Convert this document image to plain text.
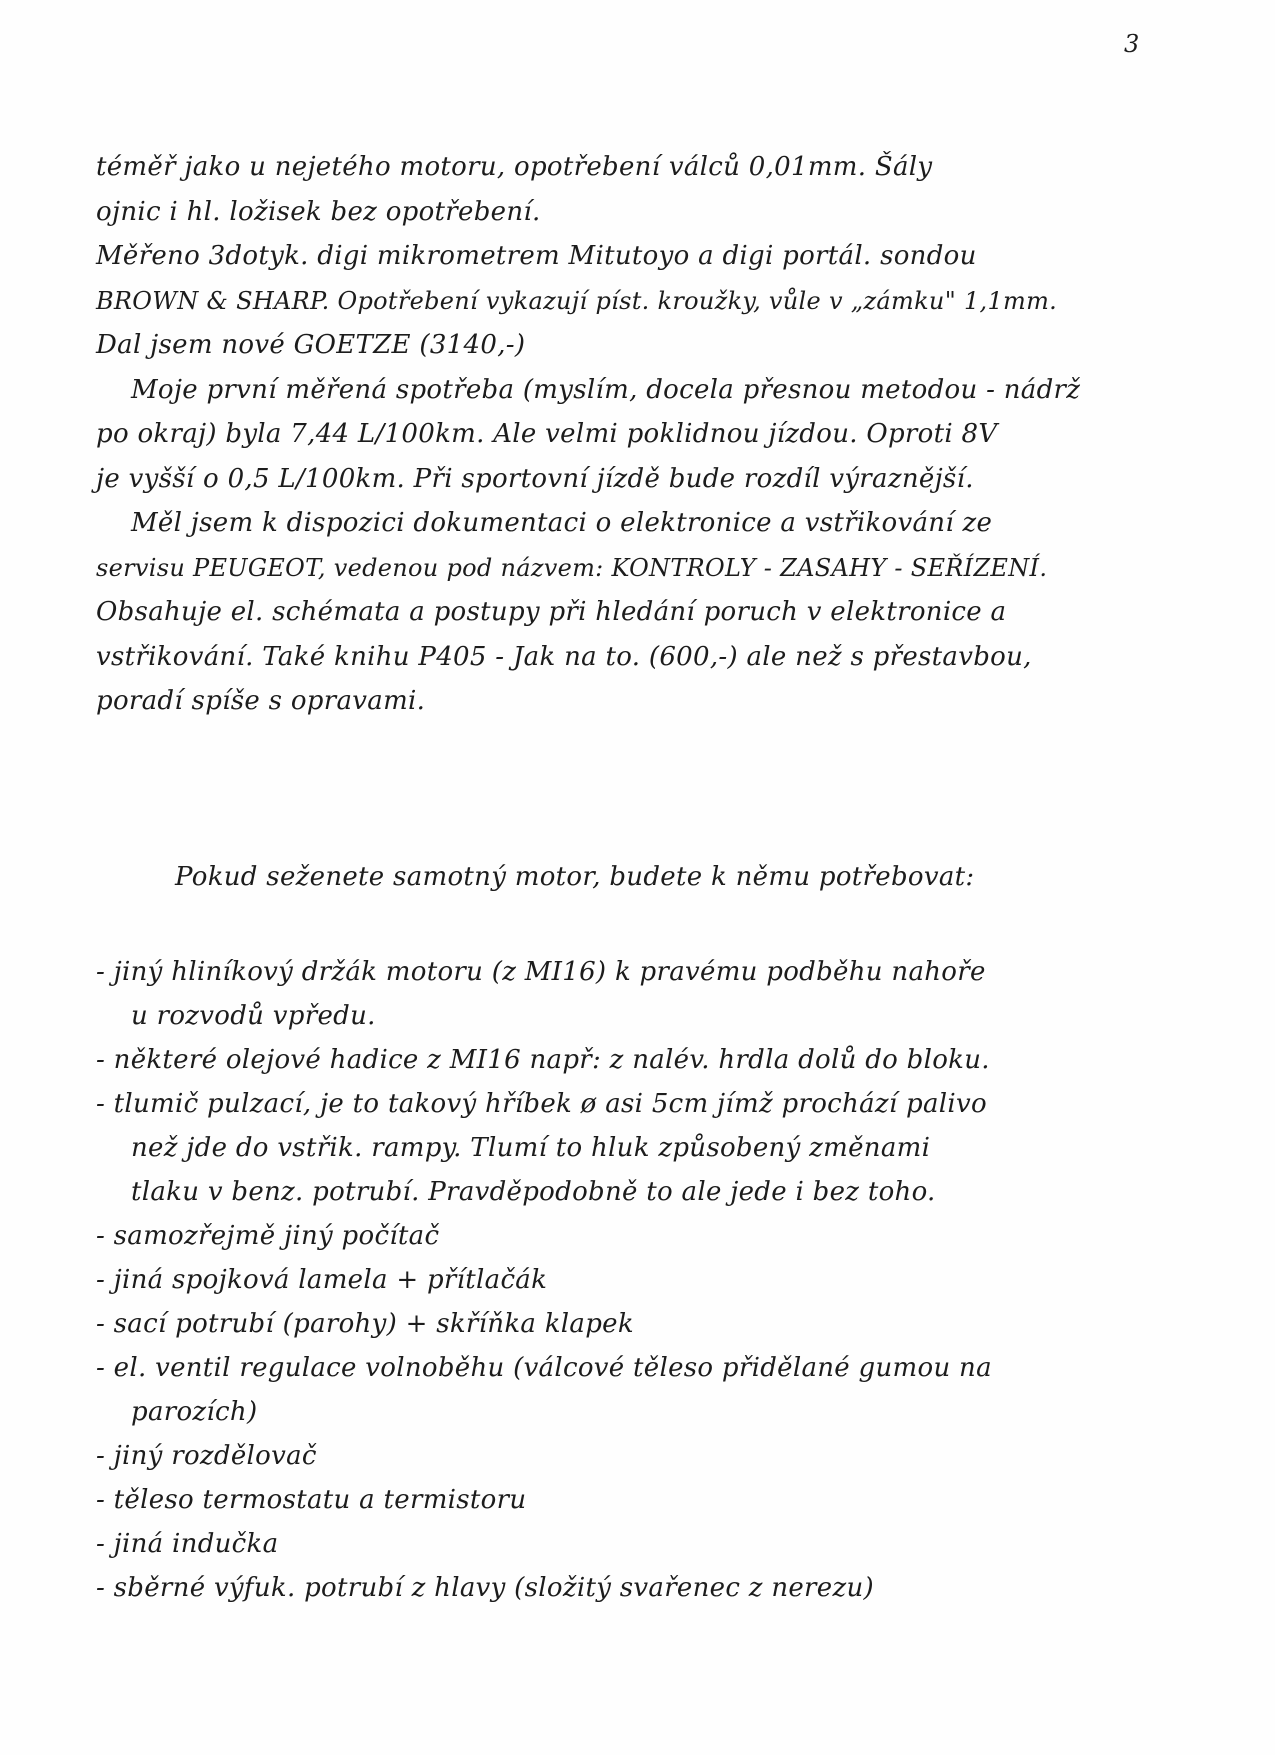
3
téměř jako u nejetého motoru, opotřebení válců 0,01mm. Šály
ojnic i hl. ložisek bez opotřebení.
Měřeno 3dotyk. digi mikrometrem Mitutoyo a digi portál. sondou
BROWN & SHARP. Opotřebení vykazují píst. kroužky, vůle v „zámku" 1,1mm.
Dal jsem nové GOETZE (3140,-)
Moje první měřená spotřeba (myslím, docela přesnou metodou - nádrž
po okraj) byla 7,44 L/100km. Ale velmi poklidnou jízdou. Oproti 8V
je vyšší o 0,5 L/100km. Při sportovní jízdě bude rozdíl výraznější.
Měl jsem k dispozici dokumentaci o elektronice a vstřikování ze
servisu PEUGEOT, vedenou pod názvem: KONTROLY - ZASAHY - SEŘÍZENÍ.
Obsahuje el. schémata a postupy při hledání poruch v elektronice a
vstřikování. Také knihu P405 - Jak na to. (600,-) ale než s přestavbou,
poradí spíše s opravami.
Pokud seženete samotný motor, budete k němu potřebovat:
- jiný hliníkový držák motoru (z MI16) k pravému podběhu nahoře
u rozvodů vpředu.
- některé olejové hadice z MI16 např: z nalév. hrdla dolů do bloku.
- tlumič pulzací, je to takový hříbek ø asi 5cm jímž prochází palivo
než jde do vstřik. rampy. Tlumí to hluk způsobený změnami
tlaku v benz. potrubí. Pravděpodobně to ale jede i bez toho.
- samozřejmě jiný počítač
- jiná spojková lamela + přítlačák
- sací potrubí (parohy) + skříňka klapek
- el. ventil regulace volnoběhu (válcové těleso přidělané gumou na
parozích)
- jiný rozdělovač
- těleso termostatu a termistoru
- jiná indučka
- sběrné výfuk. potrubí z hlavy (složitý svařenec z nerezu)
